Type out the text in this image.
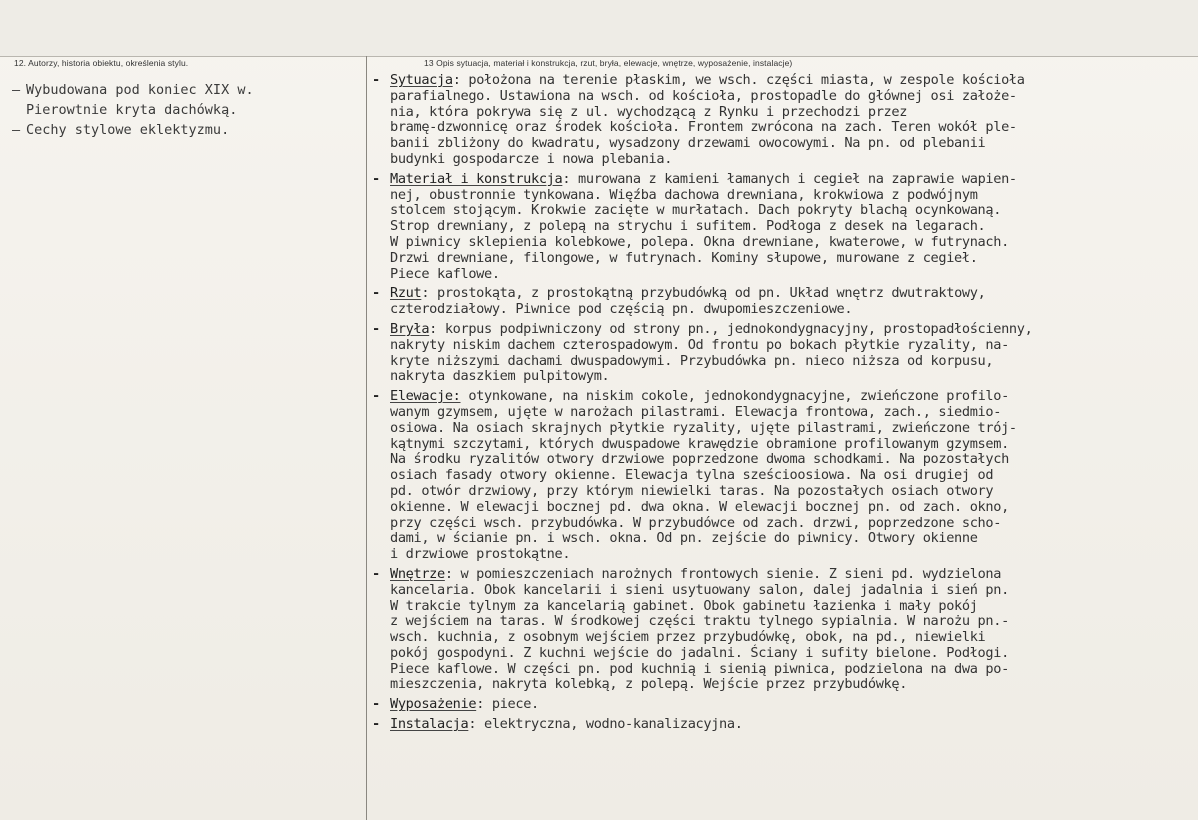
12. Autorzy, historia obiektu, określenia stylu.	13 Opis sytuacja, materiał i konstrukcja, rzut, bryła, elewacje, wnętrze, wyposażenie, instalacje)
– Wybudowana pod koniec XIX w.
Pierowtnie kryta dachówką.
– Cechy stylowe eklektyzmu.
- Sytuacja: położona na terenie płaskim, we wsch. części miasta, w zespole kościoła
parafialnego. Ustawiona na wsch. od kościoła, prostopadle do głównej osi założe-
nia, która pokrywa się z ul. wychodzącą z Rynku i przechodzi przez
bramę-dzwonnicę oraz środek kościoła. Frontem zwrócona na zach. Teren wokół ple-
banii zbliżony do kwadratu, wysadzony drzewami owocowymi. Na pn. od plebanii
budynki gospodarcze i nowa plebania.
- Materiał i konstrukcja: murowana z kamieni łamanych i cegieł na zaprawie wapien-
nej, obustronnie tynkowana. Więźba dachowa drewniana, krokwiowa z podwójnym
stolcem stojącym. Krokwie zacięte w murłatach. Dach pokryty blachą ocynkowaną.
Strop drewniany, z polepą na strychu i sufitem. Podłoga z desek na legarach.
W piwnicy sklepienia kolebkowe, polepa. Okna drewniane, kwaterowe, w futrynach.
Drzwi drewniane, filongowe, w futrynach. Kominy słupowe, murowane z cegieł.
Piece kaflowe.
- Rzut: prostokąta, z prostokątną przybudówką od pn. Układ wnętrz dwutraktowy,
czterodziałowy. Piwnice pod częścią pn. dwupomieszczeniowe.
- Bryła: korpus podpiwniczony od strony pn., jednokondygnacyjny, prostopadłościenny,
nakryty niskim dachem czterospadowym. Od frontu po bokach płytkie ryzality, na-
kryte niższymi dachami dwuspadowymi. Przybudówka pn. nieco niższa od korpusu,
nakryta daszkiem pulpitowym.
- Elewacje: otynkowane, na niskim cokole, jednokondygnacyjne, zwieńczone profilo-
wanym gzymsem, ujęte w narożach pilastrami. Elewacja frontowa, zach., siedmio-
osiowa. Na osiach skrajnych płytkie ryzality, ujęte pilastrami, zwieńczone trój-
kątnymi szczytami, których dwuspadowe krawędzie obramione profilowanym gzymsem.
Na środku ryzalitów otwory drzwiowe poprzedzone dwoma schodkami. Na pozostałych
osiach fasady otwory okienne. Elewacja tylna sześcioosiowa. Na osi drugiej od
pd. otwór drzwiowy, przy którym niewielki taras. Na pozostałych osiach otwory
okienne. W elewacji bocznej pd. dwa okna. W elewacji bocznej pn. od zach. okno,
przy części wsch. przybudówka. W przybudówce od zach. drzwi, poprzedzone scho-
dami, w ścianie pn. i wsch. okna. Od pn. zejście do piwnicy. Otwory okienne
i drzwiowe prostokątne.
- Wnętrze: w pomieszczeniach narożnych frontowych sienie. Z sieni pd. wydzielona
kancelaria. Obok kancelarii i sieni usytuowany salon, dalej jadalnia i sień pn.
W trakcie tylnym za kancelarią gabinet. Obok gabinetu łazienka i mały pokój
z wejściem na taras. W środkowej części traktu tylnego sypialnia. W narożu pn.-
wsch. kuchnia, z osobnym wejściem przez przybudówkę, obok, na pd., niewielki
pokój gospodyni. Z kuchni wejście do jadalni. Ściany i sufity bielone. Podłogi.
Piece kaflowe. W części pn. pod kuchnią i sienią piwnica, podzielona na dwa po-
mieszczenia, nakryta kolebką, z polepą. Wejście przez przybudówkę.
- Wyposażenie: piece.
- Instalacja: elektryczna, wodno-kanalizacyjna.
